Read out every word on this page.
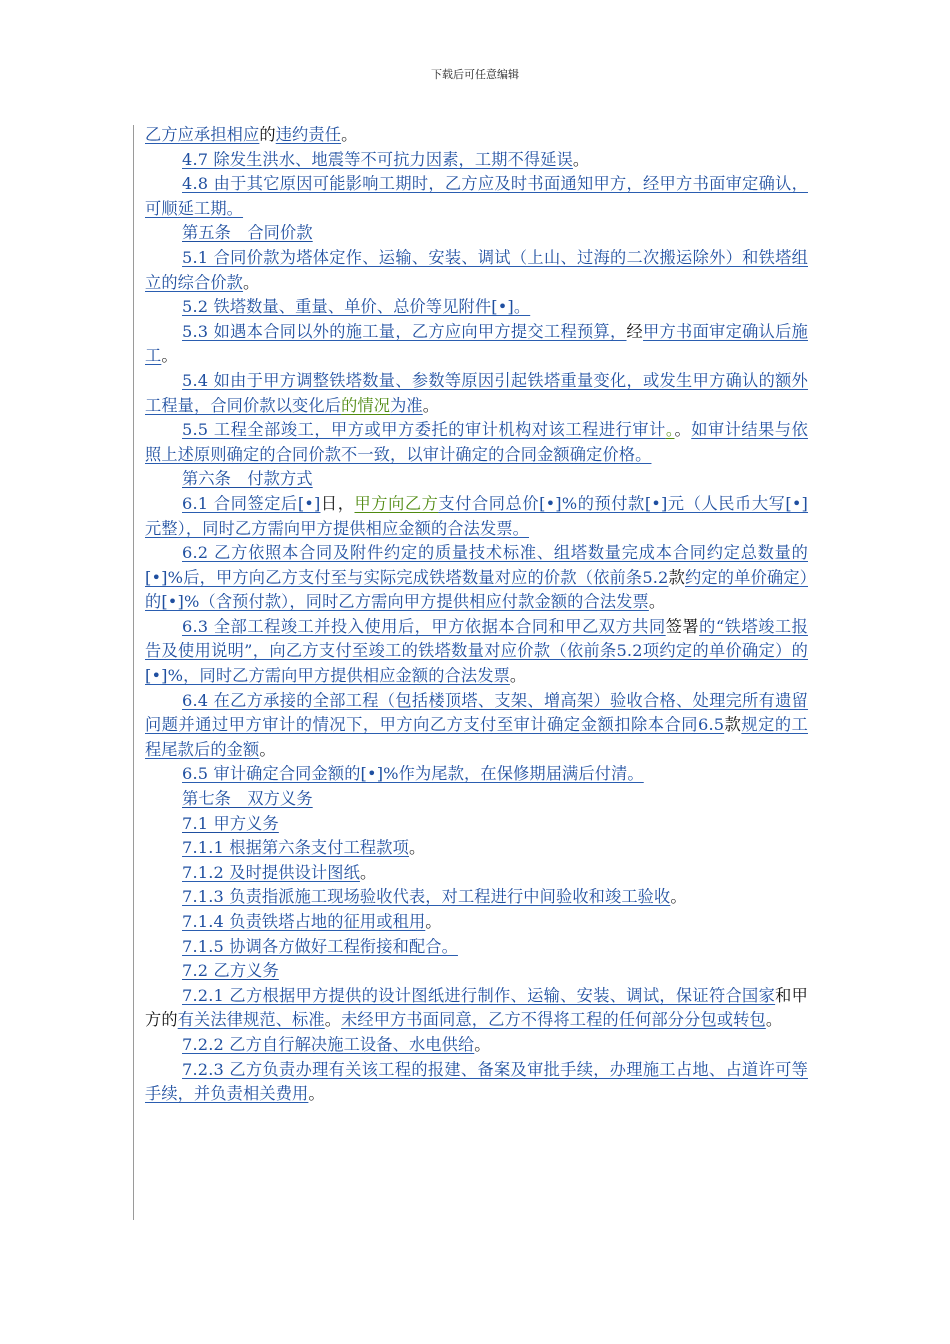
下载后可任意编辑

乙方应承担相应的违约责任。

4.7 除发生洪水、地震等不可抗力因素，工期不得延误。

4.8 由于其它原因可能影响工期时，乙方应及时书面通知甲方，经甲方书面审定确认，可顺延工期。

第五条　合同价款

5.1 合同价款为塔体定作、运输、安装、调试（上山、过海的二次搬运除外）和铁塔组立的综合价款。

5.2 铁塔数量、重量、单价、总价等见附件[•]。

5.3 如遇本合同以外的施工量，乙方应向甲方提交工程预算，经甲方书面审定确认后施工。

5.4 如由于甲方调整铁塔数量、参数等原因引起铁塔重量变化，或发生甲方确认的额外工程量，合同价款以变化后的情况为准。

5.5 工程全部竣工，甲方或甲方委托的审计机构对该工程进行审计。。如审计结果与依照上述原则确定的合同价款不一致，以审计确定的合同金额确定价格。

第六条　付款方式

6.1 合同签定后[•]日，甲方向乙方支付合同总价[•]%的预付款[•]元（人民币大写[•]元整），同时乙方需向甲方提供相应金额的合法发票。

6.2 乙方依照本合同及附件约定的质量技术标准、组塔数量完成本合同约定总数量的[•]%后，甲方向乙方支付至与实际完成铁塔数量对应的价款（依前条5.2款约定的单价确定）的[•]%（含预付款），同时乙方需向甲方提供相应付款金额的合法发票。

6.3 全部工程竣工并投入使用后，甲方依据本合同和甲乙双方共同签署的“铁塔竣工报告及使用说明”，向乙方支付至竣工的铁塔数量对应价款（依前条5.2项约定的单价确定）的[•]%，同时乙方需向甲方提供相应金额的合法发票。

6.4 在乙方承接的全部工程（包括楼顶塔、支架、增高架）验收合格、处理完所有遗留问题并通过甲方审计的情况下，甲方向乙方支付至审计确定金额扣除本合同6.5款规定的工程尾款后的金额。

6.5 审计确定合同金额的[•]%作为尾款，在保修期届满后付清。

第七条　双方义务

7.1 甲方义务

7.1.1 根据第六条支付工程款项。

7.1.2 及时提供设计图纸。

7.1.3 负责指派施工现场验收代表，对工程进行中间验收和竣工验收。

7.1.4 负责铁塔占地的征用或租用。

7.1.5 协调各方做好工程衔接和配合。

7.2 乙方义务

7.2.1 乙方根据甲方提供的设计图纸进行制作、运输、安装、调试，保证符合国家和甲方的有关法律规范、标准。未经甲方书面同意，乙方不得将工程的任何部分分包或转包。

7.2.2 乙方自行解决施工设备、水电供给。

7.2.3 乙方负责办理有关该工程的报建、备案及审批手续，办理施工占地、占道许可等手续，并负责相关费用。
